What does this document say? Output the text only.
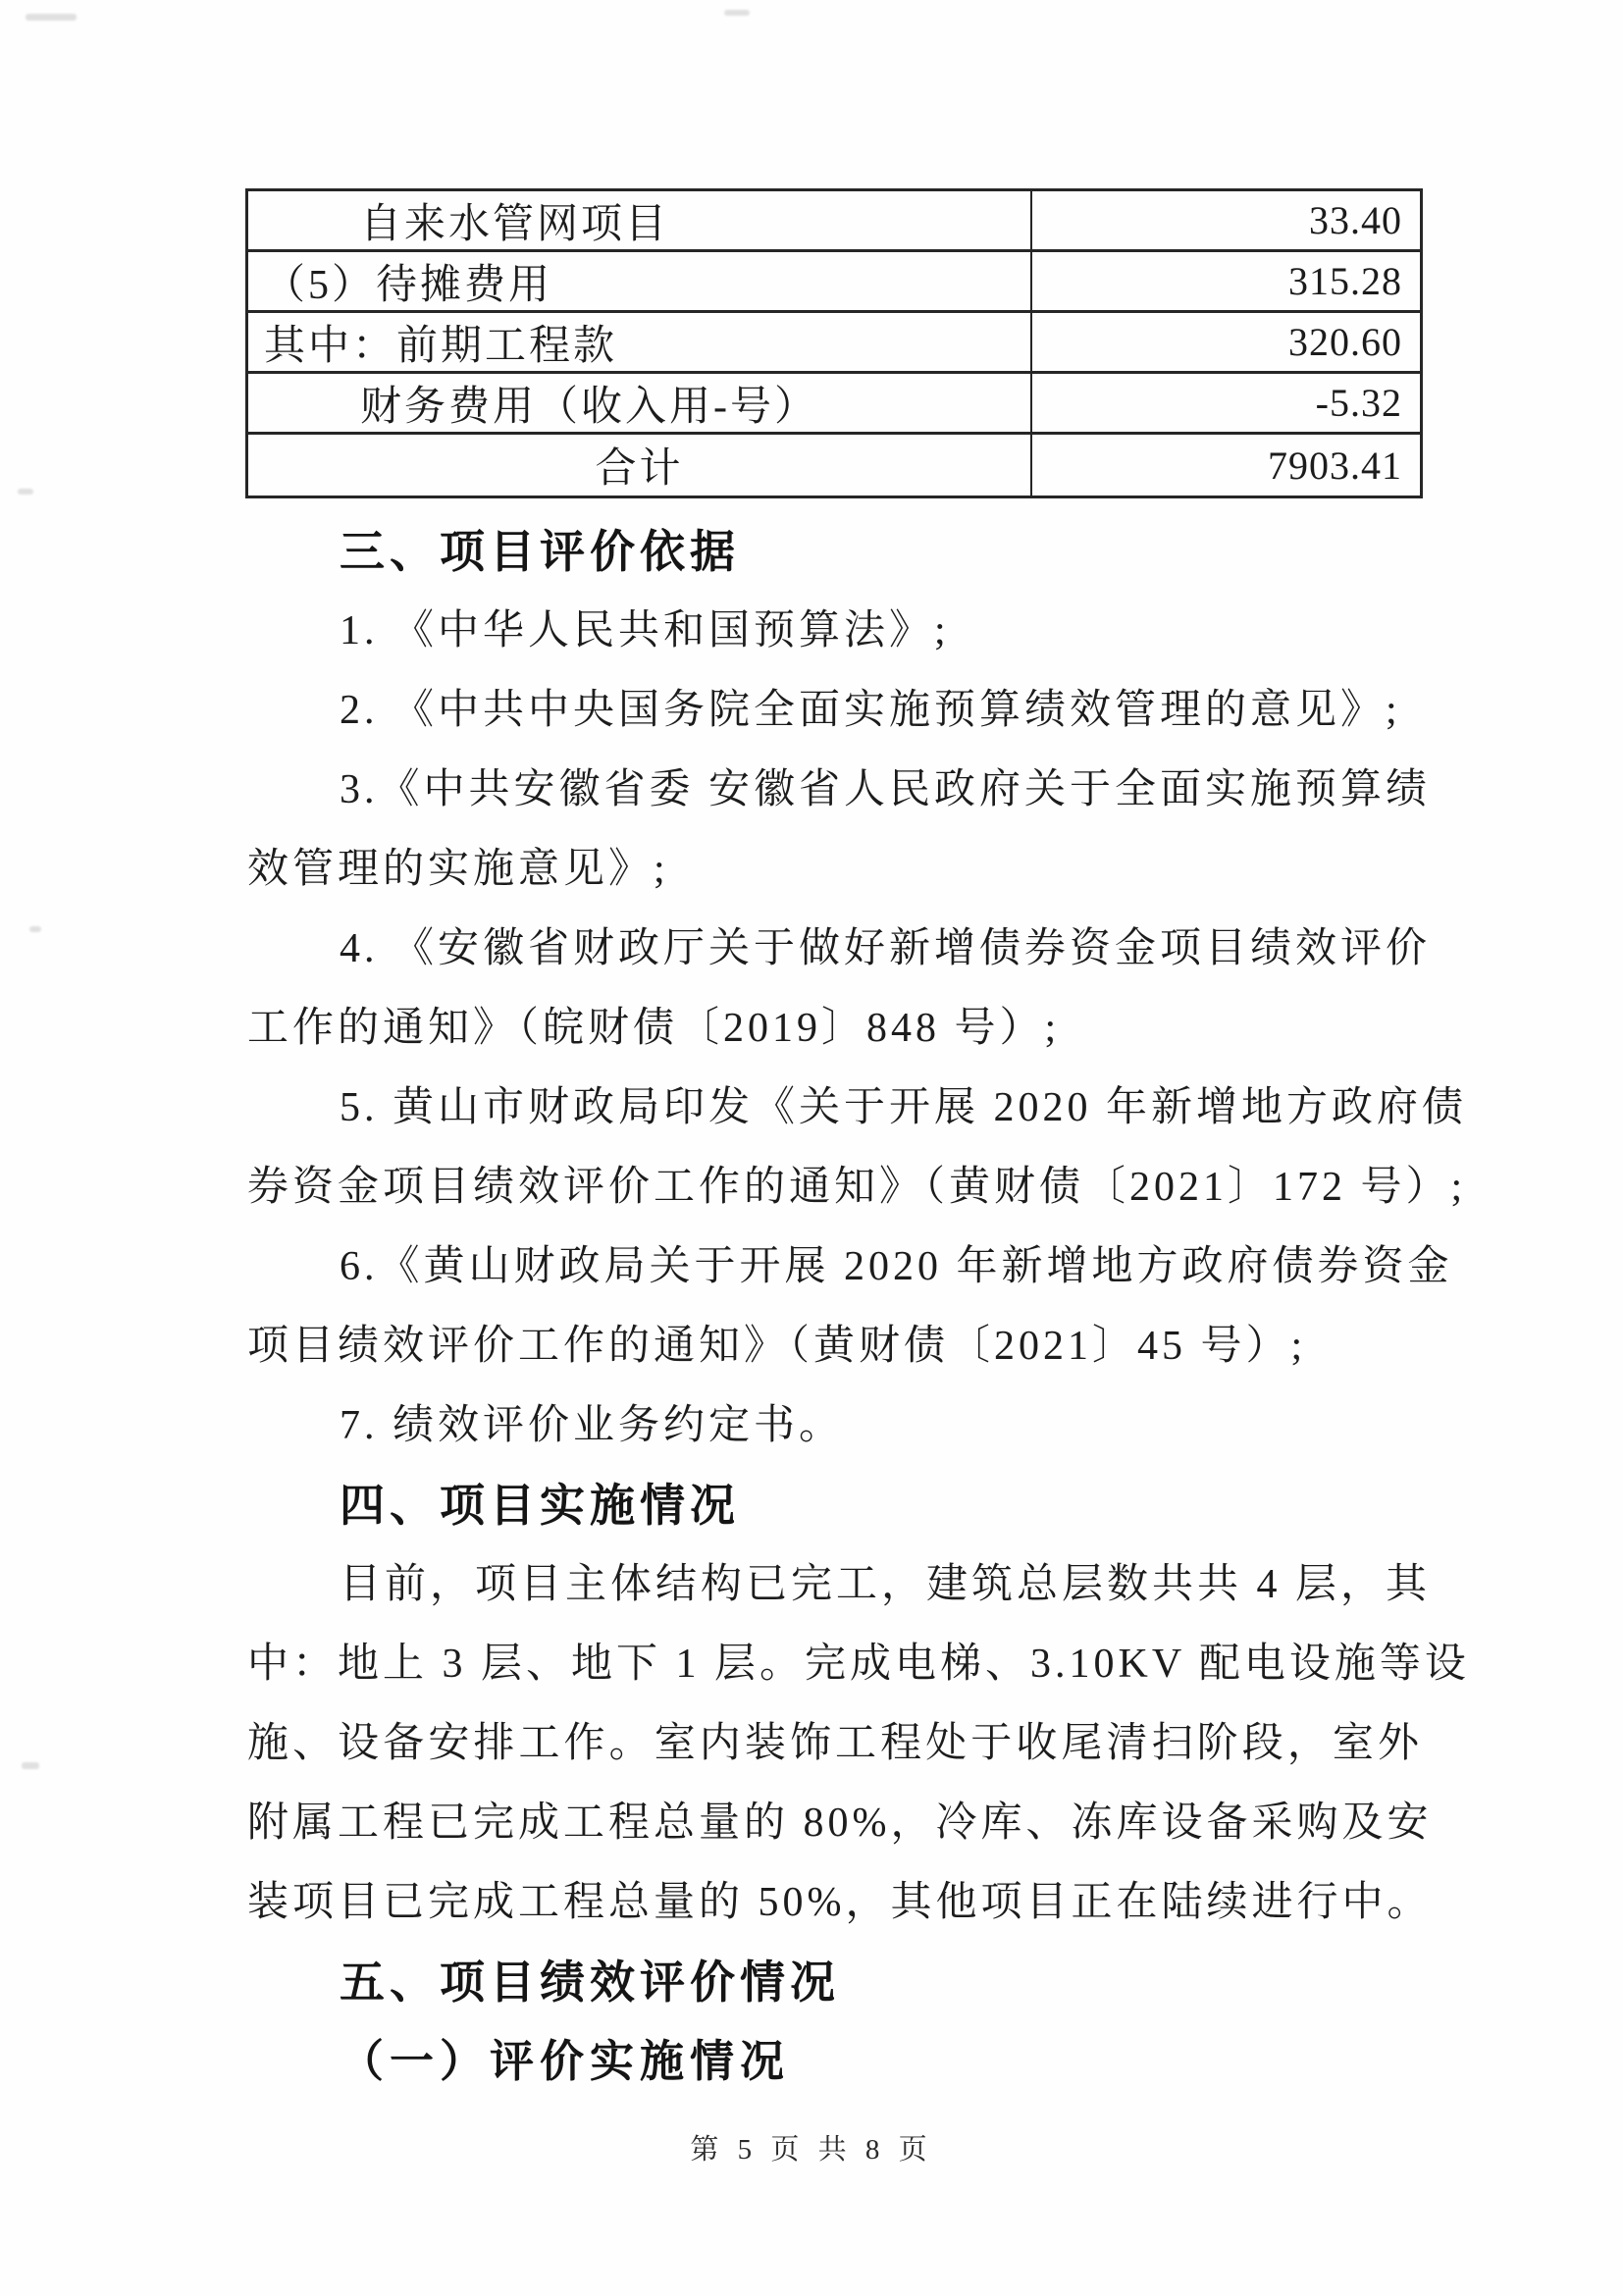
自来水管网项目	33.40
（5）待摊费用	315.28
其中：前期工程款	320.60
财务费用（收入用-号）	-5.32
合计	7903.41
三、项目评价依据
1. 《中华人民共和国预算法》;
2. 《中共中央国务院全面实施预算绩效管理的意见》;
3.《中共安徽省委 安徽省人民政府关于全面实施预算绩
效管理的实施意见》;
4. 《安徽省财政厅关于做好新增债券资金项目绩效评价
工作的通知》（皖财债〔2019〕848 号）;
5. 黄山市财政局印发《关于开展 2020 年新增地方政府债
券资金项目绩效评价工作的通知》（黄财债〔2021〕172 号）;
6.《黄山财政局关于开展 2020 年新增地方政府债券资金
项目绩效评价工作的通知》（黄财债〔2021〕45 号）;
7. 绩效评价业务约定书。
四、项目实施情况
目前，项目主体结构已完工，建筑总层数共共 4 层，其
中：地上 3 层、地下 1 层。完成电梯、3.10KV 配电设施等设
施、设备安排工作。室内装饰工程处于收尾清扫阶段，室外
附属工程已完成工程总量的 80%，冷库、冻库设备采购及安
装项目已完成工程总量的 50%，其他项目正在陆续进行中。
五、项目绩效评价情况
（一）评价实施情况
第 5 页 共 8 页
